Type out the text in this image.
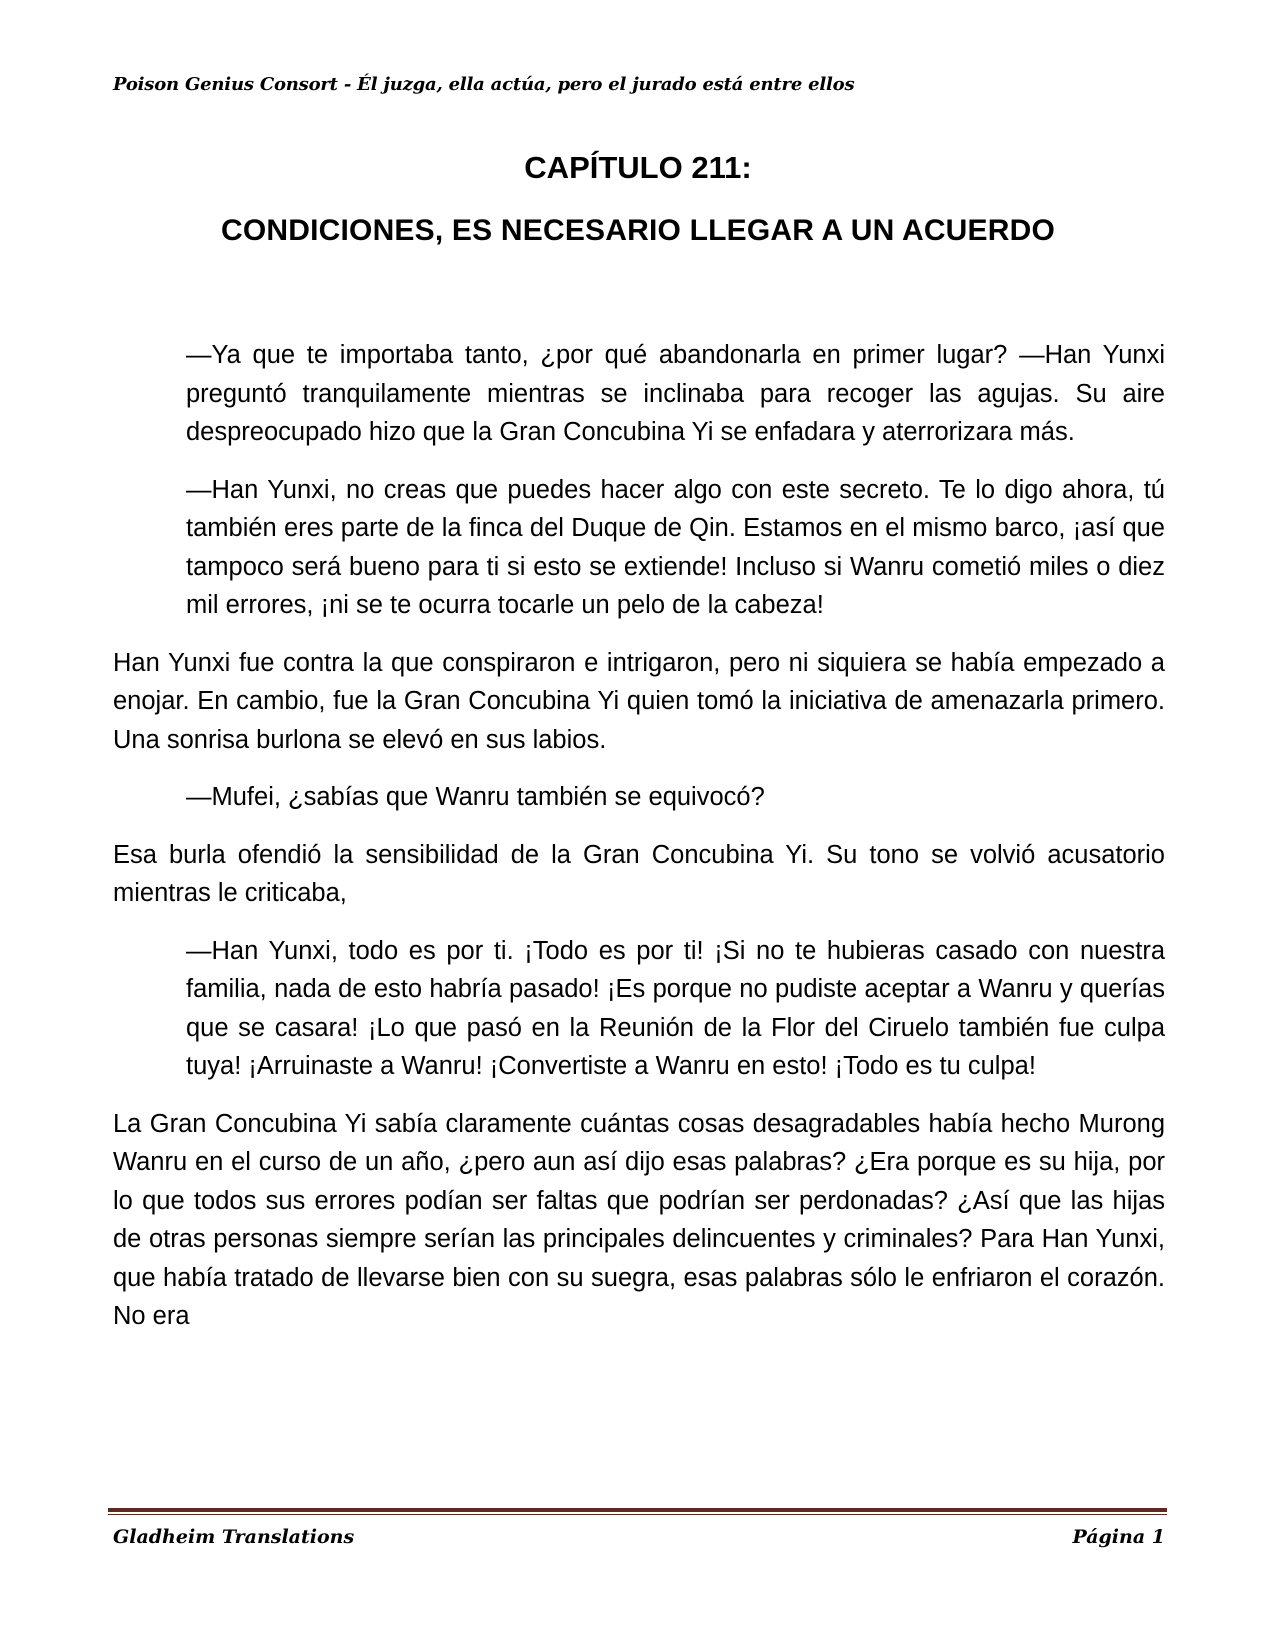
Poison Genius Consort - Él juzga, ella actúa, pero el jurado está entre ellos
CAPÍTULO 211:
CONDICIONES, ES NECESARIO LLEGAR A UN ACUERDO

—Ya que te importaba tanto, ¿por qué abandonarla en primer lugar? —Han Yunxi preguntó tranquilamente mientras se inclinaba para recoger las agujas. Su aire despreocupado hizo que la Gran Concubina Yi se enfadara y aterrorizara más.

—Han Yunxi, no creas que puedes hacer algo con este secreto. Te lo digo ahora, tú también eres parte de la finca del Duque de Qin. Estamos en el mismo barco, ¡así que tampoco será bueno para ti si esto se extiende! Incluso si Wanru cometió miles o diez mil errores, ¡ni se te ocurra tocarle un pelo de la cabeza!

Han Yunxi fue contra la que conspiraron e intrigaron, pero ni siquiera se había empezado a enojar. En cambio, fue la Gran Concubina Yi quien tomó la iniciativa de amenazarla primero. Una sonrisa burlona se elevó en sus labios.

—Mufei, ¿sabías que Wanru también se equivocó?

Esa burla ofendió la sensibilidad de la Gran Concubina Yi. Su tono se volvió acusatorio mientras le criticaba,

—Han Yunxi, todo es por ti. ¡Todo es por ti! ¡Si no te hubieras casado con nuestra familia, nada de esto habría pasado! ¡Es porque no pudiste aceptar a Wanru y querías que se casara! ¡Lo que pasó en la Reunión de la Flor del Ciruelo también fue culpa tuya! ¡Arruinaste a Wanru! ¡Convertiste a Wanru en esto! ¡Todo es tu culpa!

La Gran Concubina Yi sabía claramente cuántas cosas desagradables había hecho Murong Wanru en el curso de un año, ¿pero aun así dijo esas palabras? ¿Era porque es su hija, por lo que todos sus errores podían ser faltas que podrían ser perdonadas? ¿Así que las hijas de otras personas siempre serían las principales delincuentes y criminales? Para Han Yunxi, que había tratado de llevarse bien con su suegra, esas palabras sólo le enfriaron el corazón. No era

Gladheim Translations	Página 1
